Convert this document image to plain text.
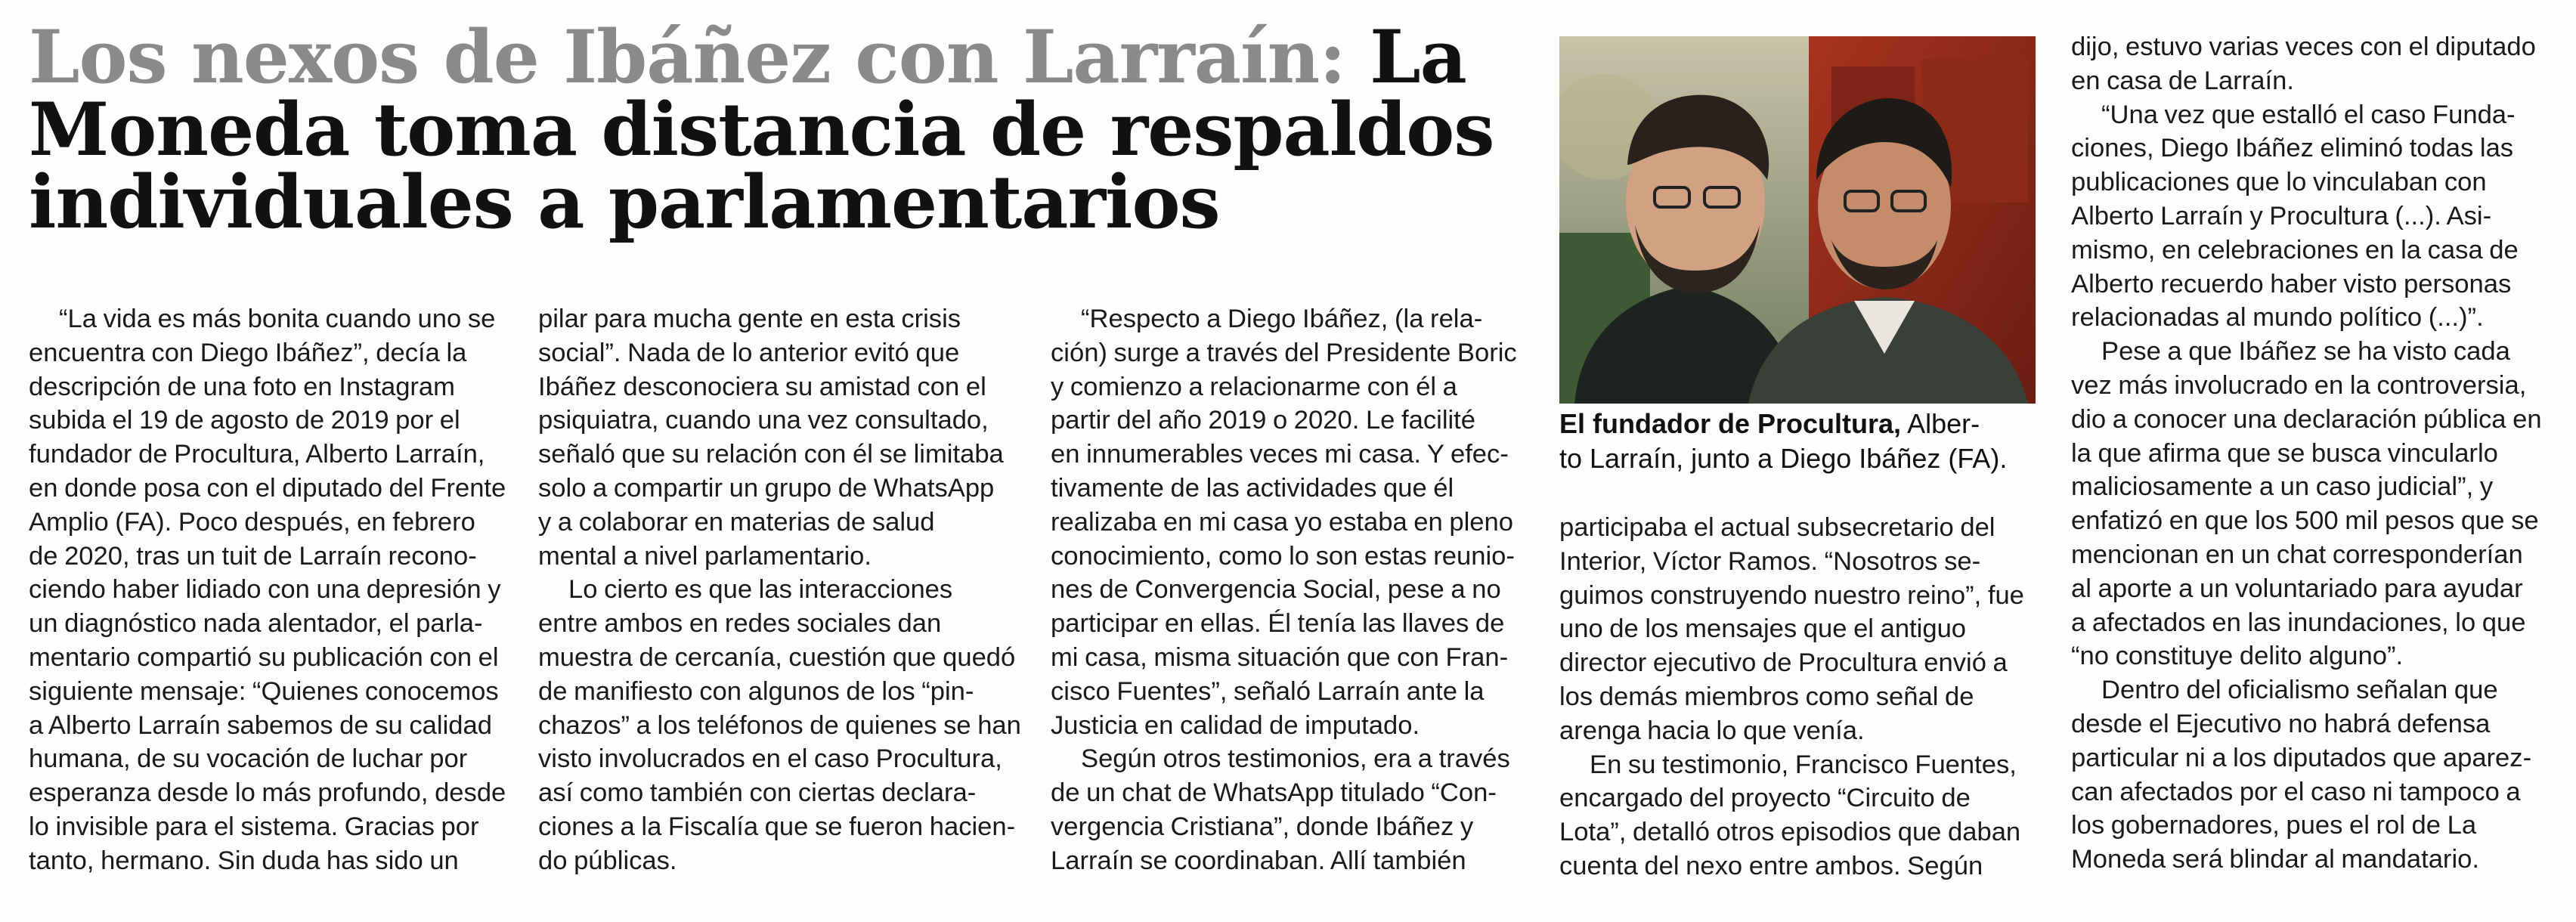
Los nexos de Ibáñez con Larraín: La
Moneda toma distancia de respaldos
individuales a parlamentarios
“La vida es más bonita cuando uno se
encuentra con Diego Ibáñez”, decía la
descripción de una foto en Instagram
subida el 19 de agosto de 2019 por el
fundador de Procultura, Alberto Larraín,
en donde posa con el diputado del Frente
Amplio (FA). Poco después, en febrero
de 2020, tras un tuit de Larraín recono-
ciendo haber lidiado con una depresión y
un diagnóstico nada alentador, el parla-
mentario compartió su publicación con el
siguiente mensaje: “Quienes conocemos
a Alberto Larraín sabemos de su calidad
humana, de su vocación de luchar por
esperanza desde lo más profundo, desde
lo invisible para el sistema. Gracias por
tanto, hermano. Sin duda has sido un
pilar para mucha gente en esta crisis
social”. Nada de lo anterior evitó que
Ibáñez desconociera su amistad con el
psiquiatra, cuando una vez consultado,
señaló que su relación con él se limitaba
solo a compartir un grupo de WhatsApp
y a colaborar en materias de salud
mental a nivel parlamentario.
Lo cierto es que las interacciones
entre ambos en redes sociales dan
muestra de cercanía, cuestión que quedó
de manifiesto con algunos de los “pin-
chazos” a los teléfonos de quienes se han
visto involucrados en el caso Procultura,
así como también con ciertas declara-
ciones a la Fiscalía que se fueron hacien-
do públicas.
“Respecto a Diego Ibáñez, (la rela-
ción) surge a través del Presidente Boric
y comienzo a relacionarme con él a
partir del año 2019 o 2020. Le facilité
en innumerables veces mi casa. Y efec-
tivamente de las actividades que él
realizaba en mi casa yo estaba en pleno
conocimiento, como lo son estas reunio-
nes de Convergencia Social, pese a no
participar en ellas. Él tenía las llaves de
mi casa, misma situación que con Fran-
cisco Fuentes”, señaló Larraín ante la
Justicia en calidad de imputado.
Según otros testimonios, era a través
de un chat de WhatsApp titulado “Con-
vergencia Cristiana”, donde Ibáñez y
Larraín se coordinaban. Allí también

El fundador de Procultura, Alber-
to Larraín, junto a Diego Ibáñez (FA).

participaba el actual subsecretario del
Interior, Víctor Ramos. “Nosotros se-
guimos construyendo nuestro reino”, fue
uno de los mensajes que el antiguo
director ejecutivo de Procultura envió a
los demás miembros como señal de
arenga hacia lo que venía.
En su testimonio, Francisco Fuentes,
encargado del proyecto “Circuito de
Lota”, detalló otros episodios que daban
cuenta del nexo entre ambos. Según
dijo, estuvo varias veces con el diputado
en casa de Larraín.
“Una vez que estalló el caso Funda-
ciones, Diego Ibáñez eliminó todas las
publicaciones que lo vinculaban con
Alberto Larraín y Procultura (...). Asi-
mismo, en celebraciones en la casa de
Alberto recuerdo haber visto personas
relacionadas al mundo político (...)”.
Pese a que Ibáñez se ha visto cada
vez más involucrado en la controversia,
dio a conocer una declaración pública en
la que afirma que se busca vincularlo
maliciosamente a un caso judicial”, y
enfatizó en que los 500 mil pesos que se
mencionan en un chat corresponderían
al aporte a un voluntariado para ayudar
a afectados en las inundaciones, lo que
“no constituye delito alguno”.
Dentro del oficialismo señalan que
desde el Ejecutivo no habrá defensa
particular ni a los diputados que aparez-
can afectados por el caso ni tampoco a
los gobernadores, pues el rol de La
Moneda será blindar al mandatario.
